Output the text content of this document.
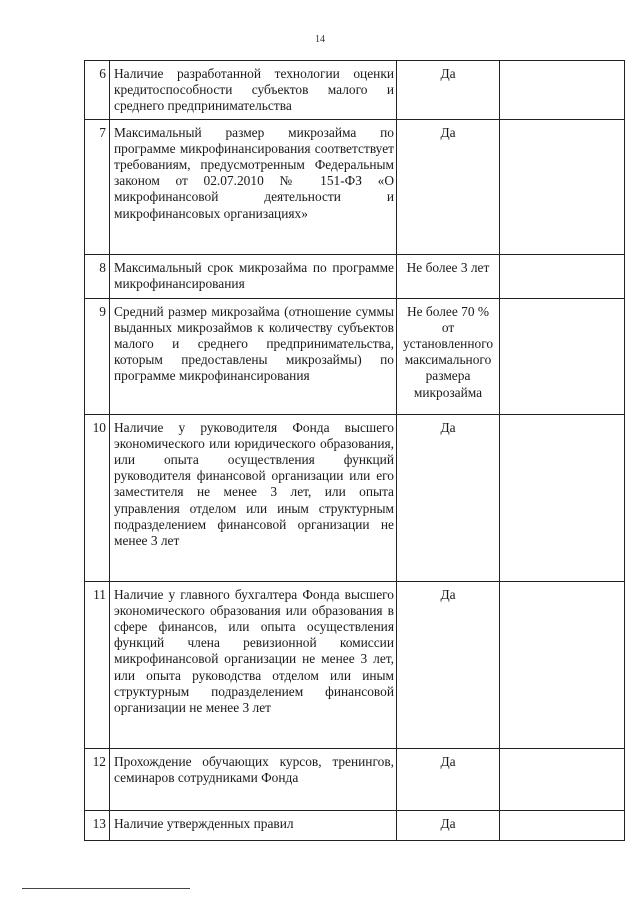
14
6	Наличие разработанной технологии оценки кредитоспособности субъектов малого и среднего предпринимательства	Да	
7	Максимальный размер микрозайма по программе микрофинансирования соответствует требованиям, предусмотренным Федеральным законом от 02.07.2010 № 151-ФЗ «О микрофинансовой деятельности и микрофинансовых организациях»	Да	
8	Максимальный срок микрозайма по программе микрофинансирования	Не более 3 лет	
9	Средний размер микрозайма (отношение суммы выданных микрозаймов к количеству субъектов малого и среднего предпринимательства, которым предоставлены микрозаймы) по программе микрофинансирования	Не более 70 % от установленного максимального размера микрозайма	
10	Наличие у руководителя Фонда высшего экономического или юридического образования, или опыта осуществления функций руководителя финансовой организации или его заместителя не менее 3 лет, или опыта управления отделом или иным структурным подразделением финансовой организации не менее 3 лет	Да	
11	Наличие у главного бухгалтера Фонда высшего экономического образования или образования в сфере финансов, или опыта осуществления функций члена ревизионной комиссии микрофинансовой организации не менее 3 лет, или опыта руководства отделом или иным структурным подразделением финансовой организации не менее 3 лет	Да	
12	Прохождение обучающих курсов, тренингов, семинаров сотрудниками Фонда	Да	
13	Наличие утвержденных правил	Да	
